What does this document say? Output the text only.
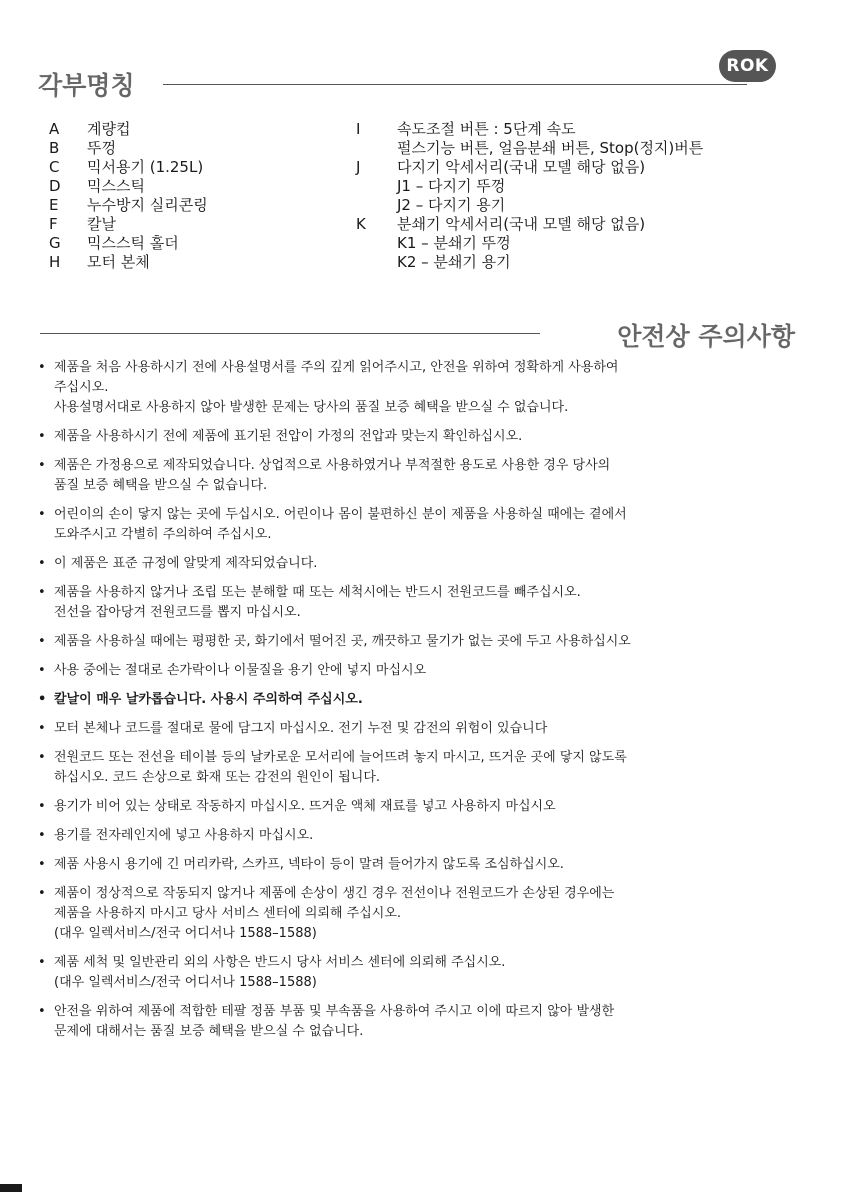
ROK
각부명칭
A 계량컵
B 뚜껑
C 믹서용기 (1.25L)
D 믹스스틱
E 누수방지 실리콘링
F 칼날
G 믹스스틱 홀더
H 모터 본체
I 속도조절 버튼 : 5단계 속도
펄스기능 버튼, 얼음분쇄 버튼, Stop(정지)버튼
J 다지기 악세서리(국내 모델 해당 없음)
J1 – 다지기 뚜껑
J2 – 다지기 용기
K 분쇄기 악세서리(국내 모델 해당 없음)
K1 – 분쇄기 뚜껑
K2 – 분쇄기 용기
안전상 주의사항
• 제품을 처음 사용하시기 전에 사용설명서를 주의 깊게 읽어주시고, 안전을 위하여 정확하게 사용하여
주십시오.
사용설명서대로 사용하지 않아 발생한 문제는 당사의 품질 보증 혜택을 받으실 수 없습니다.
• 제품을 사용하시기 전에 제품에 표기된 전압이 가정의 전압과 맞는지 확인하십시오.
• 제품은 가정용으로 제작되었습니다. 상업적으로 사용하였거나 부적절한 용도로 사용한 경우 당사의
품질 보증 혜택을 받으실 수 없습니다.
• 어린이의 손이 닿지 않는 곳에 두십시오. 어린이나 몸이 불편하신 분이 제품을 사용하실 때에는 곁에서
도와주시고 각별히 주의하여 주십시오.
• 이 제품은 표준 규정에 알맞게 제작되었습니다.
• 제품을 사용하지 않거나 조립 또는 분해할 때 또는 세척시에는 반드시 전원코드를 빼주십시오.
전선을 잡아당겨 전원코드를 뽑지 마십시오.
• 제품을 사용하실 때에는 평평한 곳, 화기에서 떨어진 곳, 깨끗하고 물기가 없는 곳에 두고 사용하십시오
• 사용 중에는 절대로 손가락이나 이물질을 용기 안에 넣지 마십시오
• 칼날이 매우 날카롭습니다. 사용시 주의하여 주십시오.
• 모터 본체나 코드를 절대로 물에 담그지 마십시오. 전기 누전 및 감전의 위험이 있습니다
• 전원코드 또는 전선을 테이블 등의 날카로운 모서리에 늘어뜨려 놓지 마시고, 뜨거운 곳에 닿지 않도록
하십시오. 코드 손상으로 화재 또는 감전의 원인이 됩니다.
• 용기가 비어 있는 상태로 작동하지 마십시오. 뜨거운 액체 재료를 넣고 사용하지 마십시오
• 용기를 전자레인지에 넣고 사용하지 마십시오.
• 제품 사용시 용기에 긴 머리카락, 스카프, 넥타이 등이 말려 들어가지 않도록 조심하십시오.
• 제품이 정상적으로 작동되지 않거나 제품에 손상이 생긴 경우 전선이나 전원코드가 손상된 경우에는
제품을 사용하지 마시고 당사 서비스 센터에 의뢰해 주십시오.
(대우 일렉서비스/전국 어디서나 1588–1588)
• 제품 세척 및 일반관리 외의 사항은 반드시 당사 서비스 센터에 의뢰해 주십시오.
(대우 일렉서비스/전국 어디서나 1588–1588)
• 안전을 위하여 제품에 적합한 테팔 정품 부품 및 부속품을 사용하여 주시고 이에 따르지 않아 발생한
문제에 대해서는 품질 보증 혜택을 받으실 수 없습니다.
